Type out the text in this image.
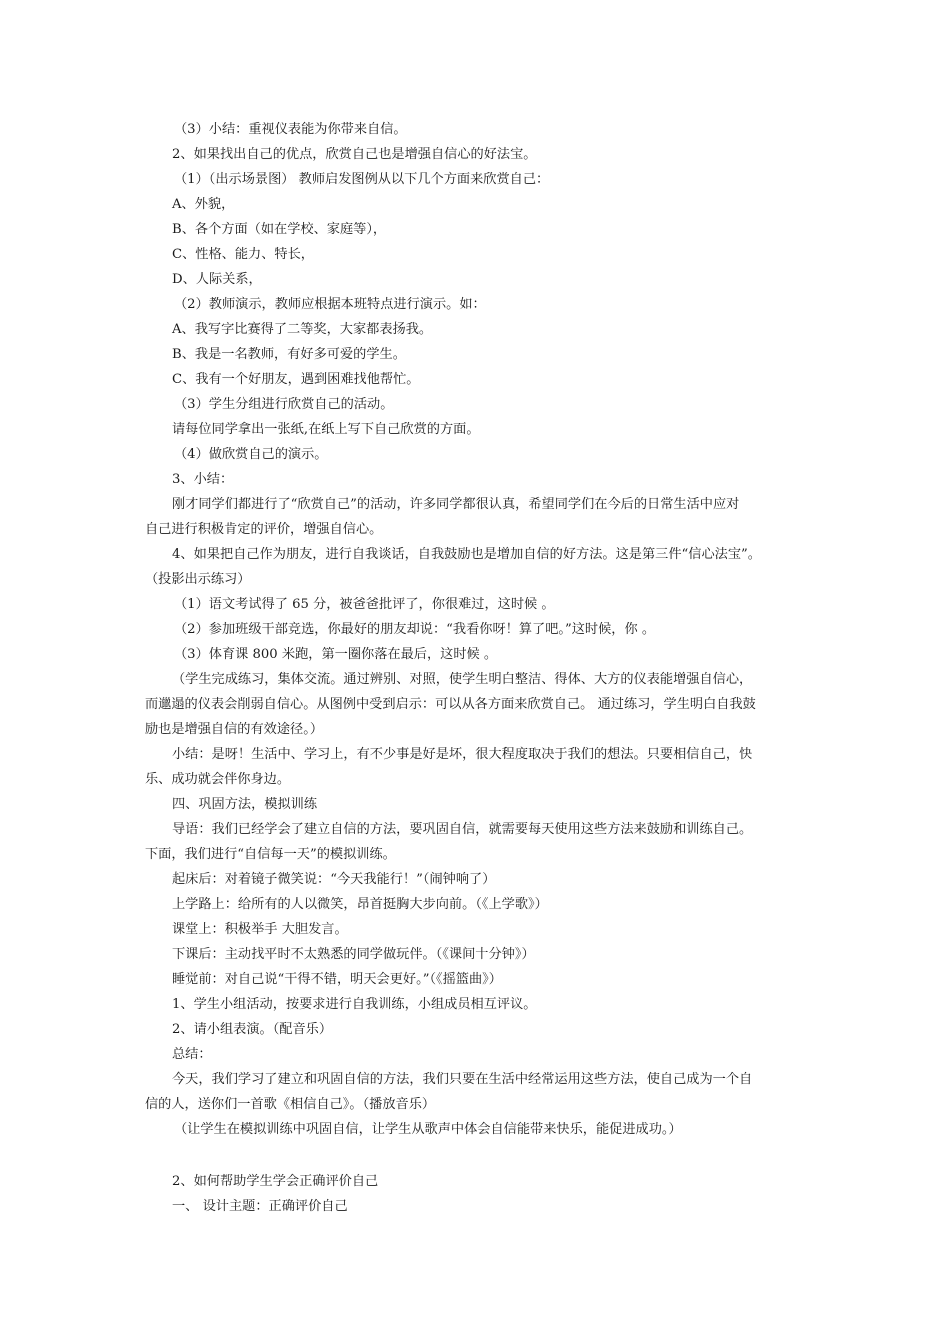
（3）小结：重视仪表能为你带来自信。
2、如果找出自己的优点，欣赏自己也是增强自信心的好法宝。
（1）（出示场景图） 教师启发图例从以下几个方面来欣赏自己：
A、外貌，
B、各个方面（如在学校、家庭等），
C、性格、能力、特长，
D、人际关系，
（2）教师演示，教师应根据本班特点进行演示。如：
A、我写字比赛得了二等奖，大家都表扬我。
B、我是一名教师，有好多可爱的学生。
C、我有一个好朋友，遇到困难找他帮忙。
（3）学生分组进行欣赏自己的活动。
请每位同学拿出一张纸,在纸上写下自己欣赏的方面。
（4）做欣赏自己的演示。
3、小结：
刚才同学们都进行了“欣赏自己”的活动，许多同学都很认真，希望同学们在今后的日常生活中应对
自己进行积极肯定的评价，增强自信心。
4、如果把自己作为朋友，进行自我谈话，自我鼓励也是增加自信的好方法。这是第三件“信心法宝”。
（投影出示练习）
（1）语文考试得了 65 分，被爸爸批评了，你很难过，这时候 。
（2）参加班级干部竞选，你最好的朋友却说：“我看你呀！算了吧。”这时候，你 。
（3）体育课 800 米跑，第一圈你落在最后，这时候 。
（学生完成练习，集体交流。通过辨别、对照，使学生明白整洁、得体、大方的仪表能增强自信心，
而邋遢的仪表会削弱自信心。从图例中受到启示：可以从各方面来欣赏自己。 通过练习，学生明白自我鼓
励也是增强自信的有效途径。）
小结：是呀！生活中、学习上，有不少事是好是坏，很大程度取决于我们的想法。只要相信自己，快
乐、成功就会伴你身边。
四、巩固方法，模拟训练
导语：我们已经学会了建立自信的方法，要巩固自信，就需要每天使用这些方法来鼓励和训练自己。
下面，我们进行“自信每一天”的模拟训练。
起床后：对着镜子微笑说：“今天我能行！”（闹钟响了）
上学路上：给所有的人以微笑，昂首挺胸大步向前。（《上学歌》）
课堂上：积极举手 大胆发言。
下课后：主动找平时不太熟悉的同学做玩伴。（《课间十分钟》）
睡觉前：对自己说“干得不错，明天会更好。”（《摇篮曲》）
1、学生小组活动，按要求进行自我训练，小组成员相互评议。
2、请小组表演。（配音乐）
总结：
今天，我们学习了建立和巩固自信的方法，我们只要在生活中经常运用这些方法，使自己成为一个自
信的人，送你们一首歌《相信自己》。（播放音乐）
（让学生在模拟训练中巩固自信，让学生从歌声中体会自信能带来快乐，能促进成功。）
2、如何帮助学生学会正确评价自己
一、 设计主题：正确评价自己
